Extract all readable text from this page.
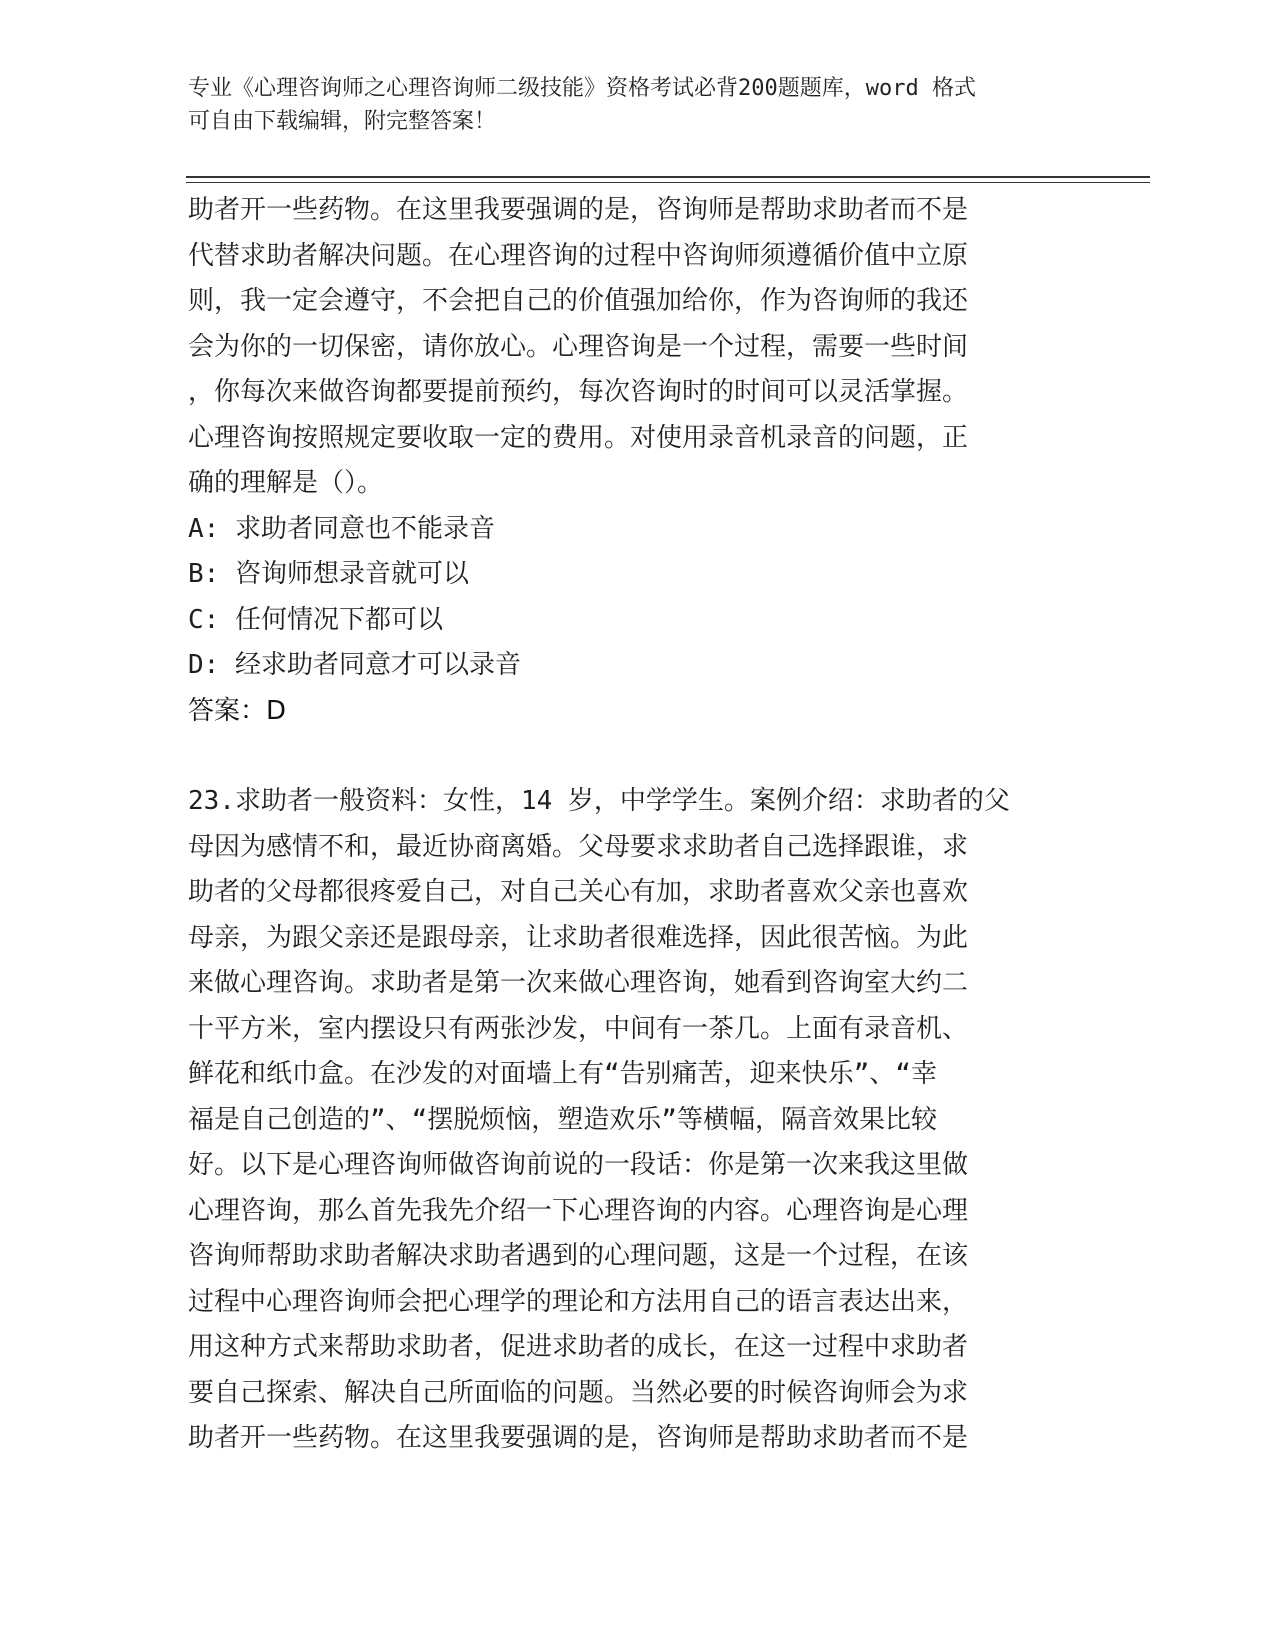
专业《心理咨询师之心理咨询师二级技能》资格考试必背200题题库，word 格式

可自由下载编辑，附完整答案！

助者开一些药物。在这里我要强调的是，咨询师是帮助求助者而不是
代替求助者解决问题。在心理咨询的过程中咨询师须遵循价值中立原
则，我一定会遵守，不会把自己的价值强加给你，作为咨询师的我还
会为你的一切保密，请你放心。心理咨询是一个过程，需要一些时间
，你每次来做咨询都要提前预约，每次咨询时的时间可以灵活掌握。
心理咨询按照规定要收取一定的费用。对使用录音机录音的问题，正
确的理解是（）。
A: 求助者同意也不能录音
B: 咨询师想录音就可以
C: 任何情况下都可以
D: 经求助者同意才可以录音
答案：D
23.求助者一般资料：女性，14 岁，中学学生。案例介绍：求助者的父
母因为感情不和，最近协商离婚。父母要求求助者自己选择跟谁，求
助者的父母都很疼爱自己，对自己关心有加，求助者喜欢父亲也喜欢
母亲，为跟父亲还是跟母亲，让求助者很难选择，因此很苦恼。为此
来做心理咨询。求助者是第一次来做心理咨询，她看到咨询室大约二
十平方米，室内摆设只有两张沙发，中间有一茶几。上面有录音机、
鲜花和纸巾盒。在沙发的对面墙上有“告别痛苦，迎来快乐”、“幸
福是自己创造的”、“摆脱烦恼，塑造欢乐”等横幅，隔音效果比较
好。以下是心理咨询师做咨询前说的一段话：你是第一次来我这里做
心理咨询，那么首先我先介绍一下心理咨询的内容。心理咨询是心理
咨询师帮助求助者解决求助者遇到的心理问题，这是一个过程，在该
过程中心理咨询师会把心理学的理论和方法用自己的语言表达出来，
用这种方式来帮助求助者，促进求助者的成长，在这一过程中求助者
要自己探索、解决自己所面临的问题。当然必要的时候咨询师会为求
助者开一些药物。在这里我要强调的是，咨询师是帮助求助者而不是
